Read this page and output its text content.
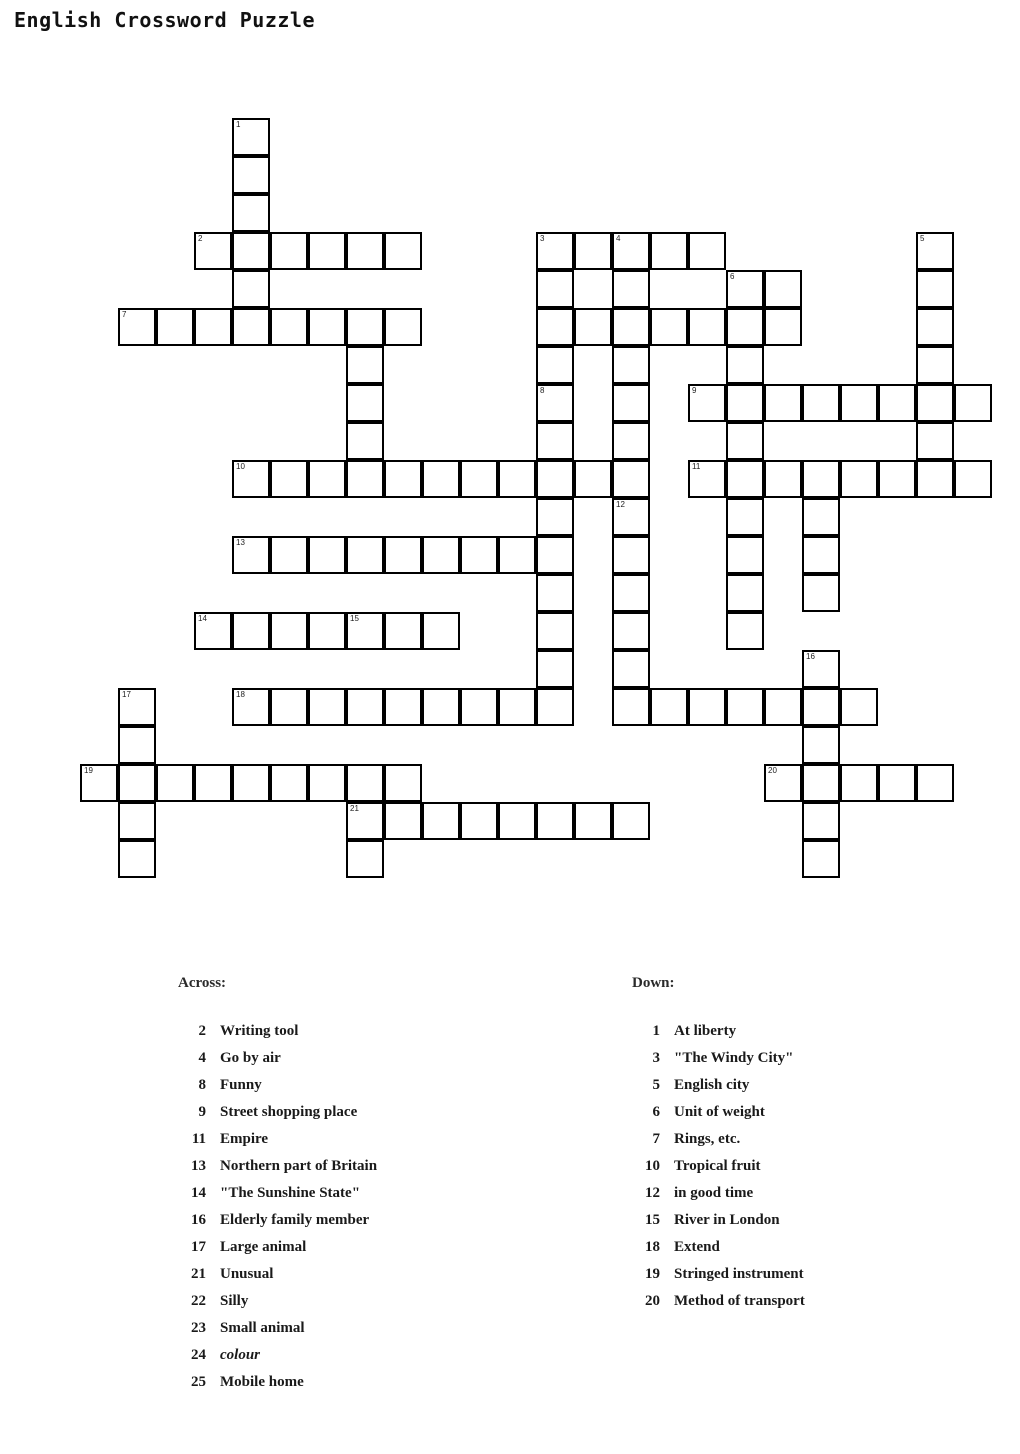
English Crossword Puzzle
1
2	3	4	5
6
7
8	9
10	11
12
13
14	15
16
17	18
19	20
21
Across:
2 Writing tool
4 Go by air
8 Funny
9 Street shopping place
11 Empire
13 Northern part of Britain
14 "The Sunshine State"
16 Elderly family member
17 Large animal
21 Unusual
22 Silly
23 Small animal
24 colour
25 Mobile home
Down:
1 At liberty
3 "The Windy City"
5 English city
6 Unit of weight
7 Rings, etc.
10 Tropical fruit
12 in good time
15 River in London
18 Extend
19 Stringed instrument
20 Method of transport
